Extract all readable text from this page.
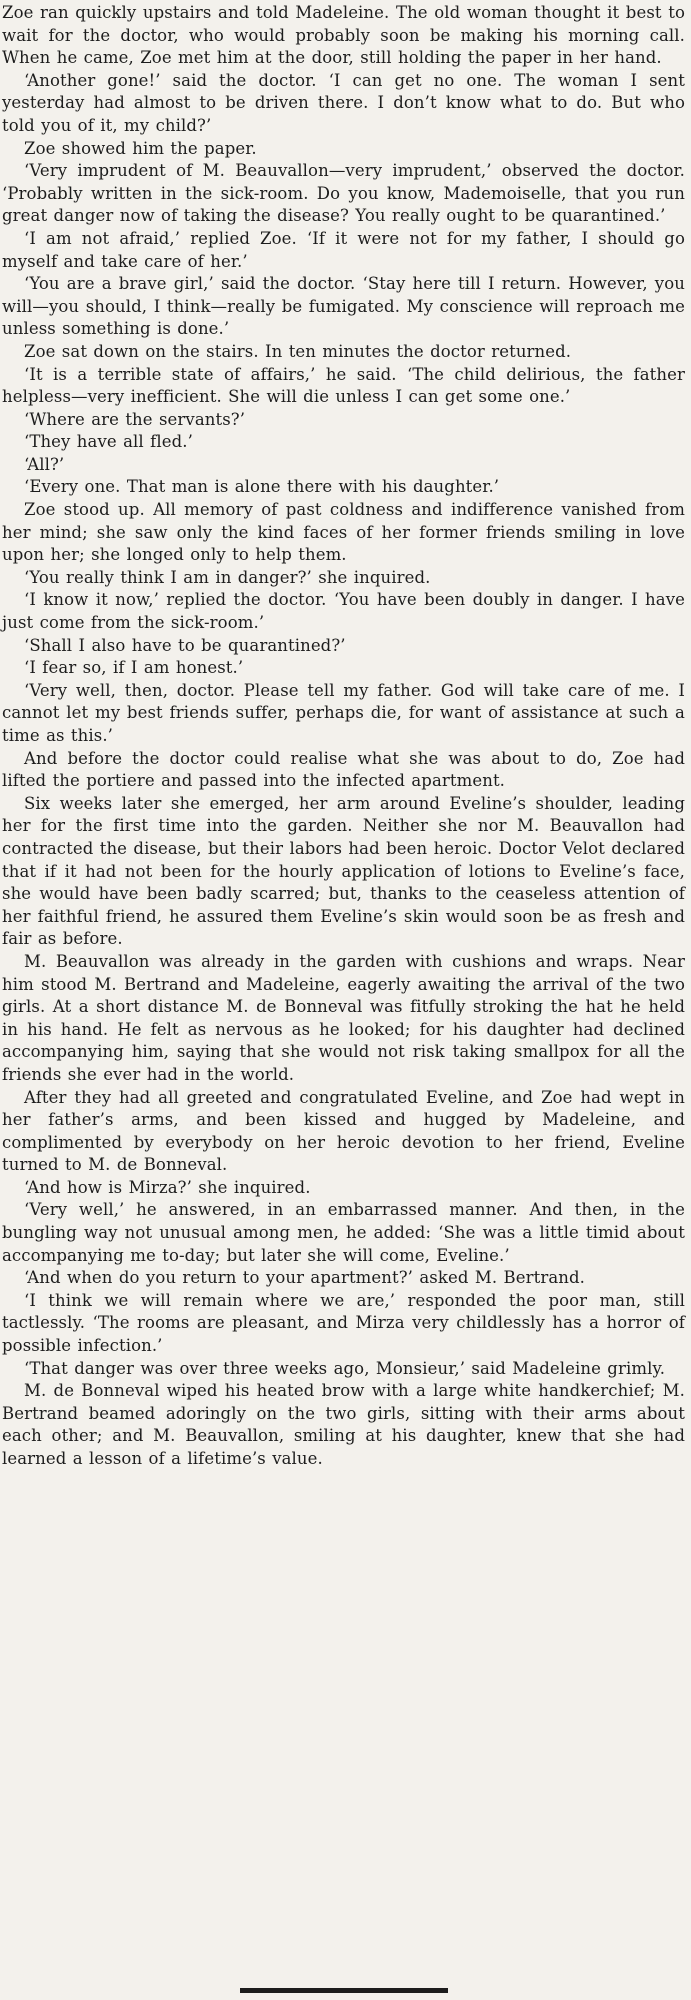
Zoe ran quickly upstairs and told Madeleine. The old woman thought it best to wait for the doctor, who would probably soon be making his morning call. When he came, Zoe met him at the door, still holding the paper in her hand.

‘Another gone!’ said the doctor. ‘I can get no one. The woman I sent yesterday had almost to be driven there. I don’t know what to do. But who told you of it, my child?’

Zoe showed him the paper.

‘Very imprudent of M. Beauvallon—very imprudent,’ observed the doctor. ‘Probably written in the sick-room. Do you know, Mademoiselle, that you run great danger now of taking the disease? You really ought to be quarantined.’

‘I am not afraid,’ replied Zoe. ‘If it were not for my father, I should go myself and take care of her.’

‘You are a brave girl,’ said the doctor. ‘Stay here till I return. However, you will—you should, I think—really be fumigated. My conscience will reproach me unless something is done.’

Zoe sat down on the stairs. In ten minutes the doctor returned.

‘It is a terrible state of affairs,’ he said. ‘The child delirious, the father helpless—very inefficient. She will die unless I can get some one.’

‘Where are the servants?’

‘They have all fled.’

‘All?’

‘Every one. That man is alone there with his daughter.’

Zoe stood up. All memory of past coldness and indifference vanished from her mind; she saw only the kind faces of her former friends smiling in love upon her; she longed only to help them.

‘You really think I am in danger?’ she inquired.

‘I know it now,’ replied the doctor. ‘You have been doubly in danger. I have just come from the sick-room.’

‘Shall I also have to be quarantined?’

‘I fear so, if I am honest.’

‘Very well, then, doctor. Please tell my father. God will take care of me. I cannot let my best friends suffer, perhaps die, for want of assistance at such a time as this.’

And before the doctor could realise what she was about to do, Zoe had lifted the portiere and passed into the infected apartment.

Six weeks later she emerged, her arm around Eveline’s shoulder, leading her for the first time into the garden. Neither she nor M. Beauvallon had contracted the disease, but their labors had been heroic. Doctor Velot declared that if it had not been for the hourly application of lotions to Eveline’s face, she would have been badly scarred; but, thanks to the ceaseless attention of her faithful friend, he assured them Eveline’s skin would soon be as fresh and fair as before.

M. Beauvallon was already in the garden with cushions and wraps. Near him stood M. Bertrand and Madeleine, eagerly awaiting the arrival of the two girls. At a short distance M. de Bonneval was fitfully stroking the hat he held in his hand. He felt as nervous as he looked; for his daughter had declined accompanying him, saying that she would not risk taking smallpox for all the friends she ever had in the world.

After they had all greeted and congratulated Eveline, and Zoe had wept in her father’s arms, and been kissed and hugged by Madeleine, and complimented by everybody on her heroic devotion to her friend, Eveline turned to M. de Bonneval.

‘And how is Mirza?’ she inquired.

‘Very well,’ he answered, in an embarrassed manner. And then, in the bungling way not unusual among men, he added: ‘She was a little timid about accompanying me to-day; but later she will come, Eveline.’

‘And when do you return to your apartment?’ asked M. Bertrand.

‘I think we will remain where we are,’ responded the poor man, still tactlessly. ‘The rooms are pleasant, and Mirza very childlessly has a horror of possible infection.’

‘That danger was over three weeks ago, Monsieur,’ said Madeleine grimly.

M. de Bonneval wiped his heated brow with a large white handkerchief; M. Bertrand beamed adoringly on the two girls, sitting with their arms about each other; and M. Beauvallon, smiling at his daughter, knew that she had learned a lesson of a lifetime’s value.
